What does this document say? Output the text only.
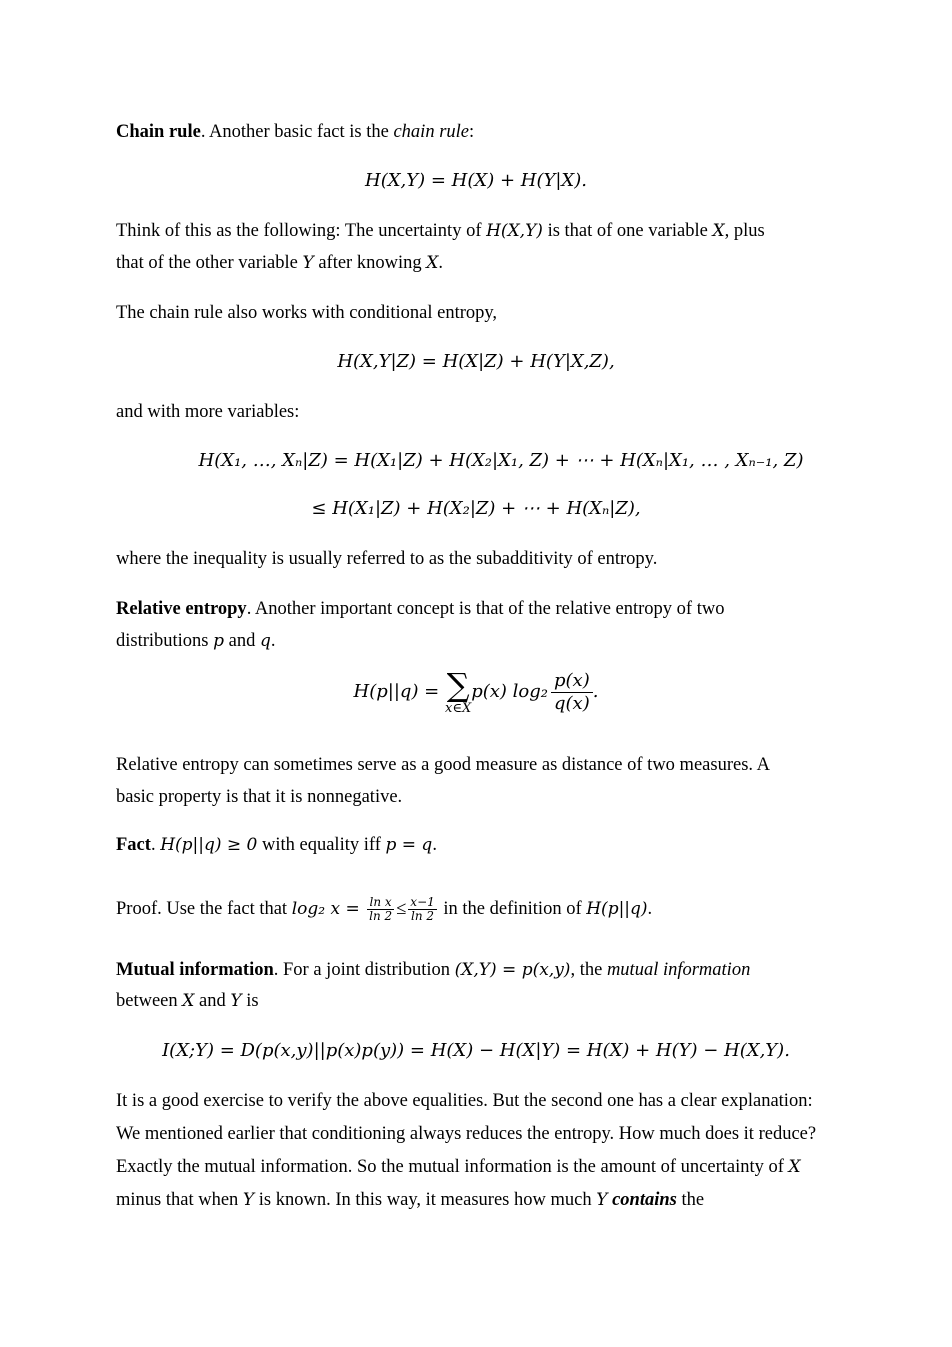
Chain rule. Another basic fact is the chain rule:
H(X,Y) = H(X) + H(Y|X).
Think of this as the following: The uncertainty of H(X,Y) is that of one variable X, plus
that of the other variable Y after knowing X.
The chain rule also works with conditional entropy,
H(X,Y|Z) = H(X|Z) + H(Y|X,Z),
and with more variables:
H(X₁, …, Xₙ|Z) = H(X₁|Z) + H(X₂|X₁, Z) + ⋯ + H(Xₙ|X₁, … , Xₙ₋₁, Z)
≤ H(X₁|Z) + H(X₂|Z) + ⋯ + H(Xₙ|Z),
where the inequality is usually referred to as the subadditivity of entropy.
Relative entropy. Another important concept is that of the relative entropy of two
distributions p and q.
H(p||q) = ∑
x∈X
p(x) $\log_2 \frac{p(x)}{q(x)}$ .
Relative entropy can sometimes serve as a good measure as distance of two measures. A
basic property is that it is nonnegative.
Fact. H(p||q) ≥ 0 with equality iff p = q.
Proof. Use the fact that log₂ $x = \frac{\text{ln x}}{\ln 2} \le \frac{x-1}{\ln 2}$ in the definition of H(p||q).
Mutual information. For a joint distribution (X,Y) = p(x,y), the mutual information
between X and Y is
I(X;Y) = D(p(x,y)||p(x)p(y)) = H(X) − H(X|Y) = H(X) + H(Y) − H(X,Y).
It is a good exercise to verify the above equalities. But the second one has a clear explanation:
We mentioned earlier that conditioning always reduces the entropy. How much does it reduce?
Exactly the mutual information. So the mutual information is the amount of uncertainty of X
minus that when Y is known. In this way, it measures how much Y contains the
